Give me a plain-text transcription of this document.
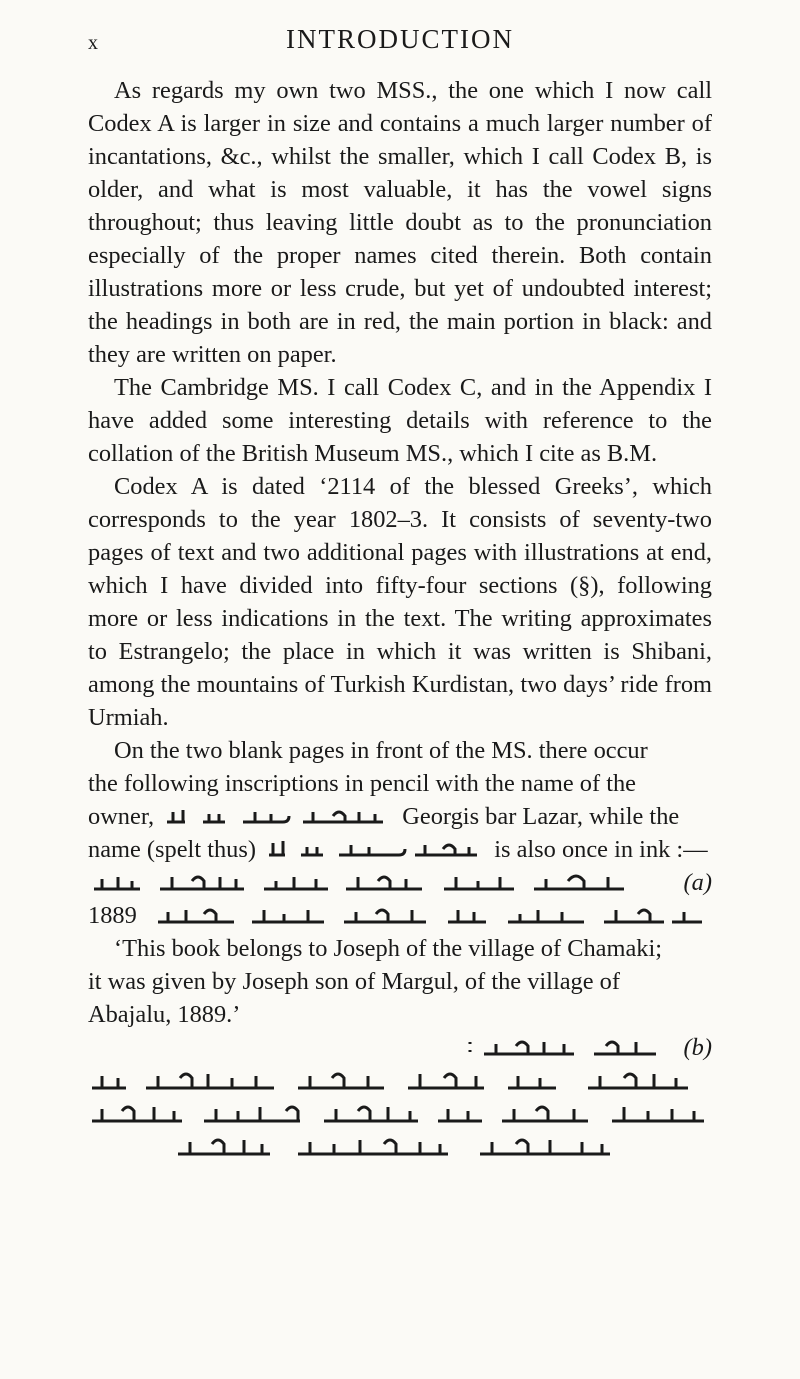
x	INTRODUCTION

As regards my own two MSS., the one which I now call Codex A is larger in size and contains a much larger number of incantations, &c., whilst the smaller, which I call Codex B, is older, and what is most valuable, it has the vowel signs throughout; thus leaving little doubt as to the pronunciation especially of the proper names cited therein. Both contain illustrations more or less crude, but yet of undoubted interest; the headings in both are in red, the main portion in black: and they are written on paper.

The Cambridge MS. I call Codex C, and in the Appendix I have added some interesting details with reference to the collation of the British Museum MS., which I cite as B.M.

Codex A is dated ‘2114 of the blessed Greeks’, which corresponds to the year 1802–3. It consists of seventy-two pages of text and two additional pages with illustrations at end, which I have divided into fifty-four sections (§), following more or less indications in the text. The writing approximates to Estrangelo; the place in which it was written is Shibani, among the mountains of Turkish Kurdistan, two days’ ride from Urmiah.

On the two blank pages in front of the MS. there occur

the following inscriptions in pencil with the name of the

owner,	Georgis bar Lazar, while the

name (spelt thus)	is also once in ink :—

(a)
1889

‘This book belongs to Joseph of the village of Chamaki;

it was given by Joseph son of Margul, of the village of

Abajalu, 1889.’

(b)
